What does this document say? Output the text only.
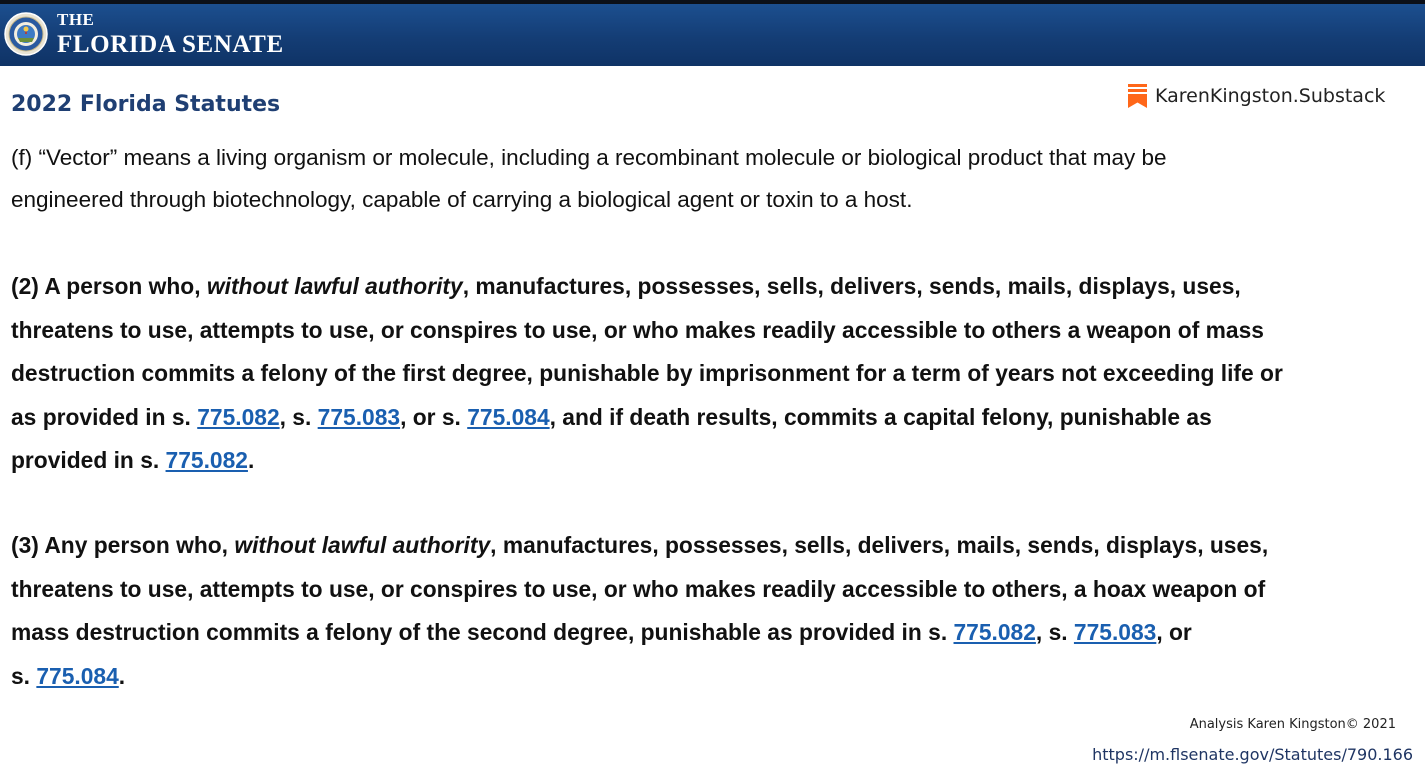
THE
FLORIDA SENATE
2022 Florida Statutes	KarenKingston.Substack
(f) “Vector” means a living organism or molecule, including a recombinant molecule or biological product that may be
engineered through biotechnology, capable of carrying a biological agent or toxin to a host.
(2) A person who, without lawful authority, manufactures, possesses, sells, delivers, sends, mails, displays, uses,
threatens to use, attempts to use, or conspires to use, or who makes readily accessible to others a weapon of mass
destruction commits a felony of the first degree, punishable by imprisonment for a term of years not exceeding life or
as provided in s. 775.082, s. 775.083, or s. 775.084, and if death results, commits a capital felony, punishable as
provided in s. 775.082.
(3) Any person who, without lawful authority, manufactures, possesses, sells, delivers, mails, sends, displays, uses,
threatens to use, attempts to use, or conspires to use, or who makes readily accessible to others, a hoax weapon of
mass destruction commits a felony of the second degree, punishable as provided in s. 775.082, s. 775.083, or
s. 775.084.
Analysis Karen Kingston© 2021
https://m.flsenate.gov/Statutes/790.166
